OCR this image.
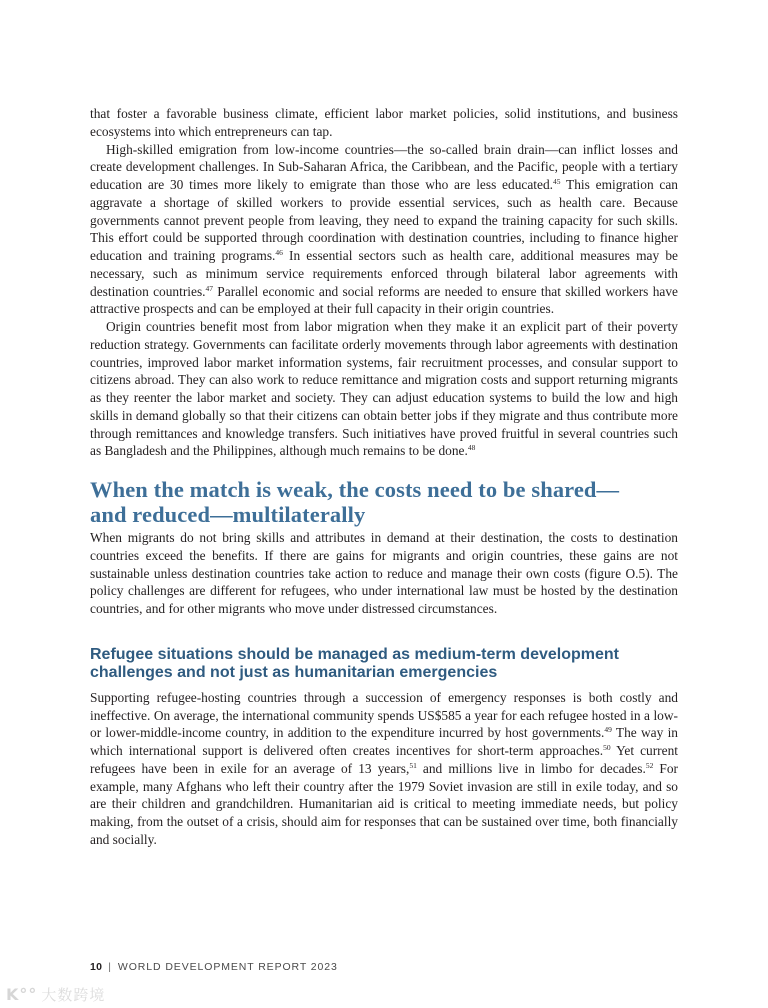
that foster a favorable business climate, efficient labor market policies, solid institutions, and business ecosystems into which entrepreneurs can tap.

High-skilled emigration from low-income countries—the so-called brain drain—can inflict losses and create development challenges. In Sub-Saharan Africa, the Caribbean, and the Pacific, people with a tertiary education are 30 times more likely to emigrate than those who are less educated.$^{45}$ This emigration can aggravate a shortage of skilled workers to provide essential services, such as health care. Because governments cannot prevent people from leaving, they need to expand the training capacity for such skills. This effort could be supported through coordination with destination countries, including to finance higher education and training programs.$^{46}$ In essential sectors such as health care, additional measures may be necessary, such as minimum service requirements enforced through bilateral labor agreements with destination countries.$^{47}$ Parallel economic and social reforms are needed to ensure that skilled workers have attractive prospects and can be employed at their full capacity in their origin countries.

Origin countries benefit most from labor migration when they make it an explicit part of their poverty reduction strategy. Governments can facilitate orderly movements through labor agreements with destination countries, improved labor market information systems, fair recruitment processes, and consular support to citizens abroad. They can also work to reduce remittance and migration costs and support returning migrants as they reenter the labor market and society. They can adjust education systems to build the low and high skills in demand globally so that their citizens can obtain better jobs if they migrate and thus contribute more through remittances and knowledge transfers. Such initiatives have proved fruitful in several countries such as Bangladesh and the Philippines, although much remains to be done.$^{48}$

When the match is weak, the costs need to be shared—
and reduced—multilaterally

When migrants do not bring skills and attributes in demand at their destination, the costs to destination countries exceed the benefits. If there are gains for migrants and origin countries, these gains are not sustainable unless destination countries take action to reduce and manage their own costs (figure O.5). The policy challenges are different for refugees, who under international law must be hosted by the destination countries, and for other migrants who move under distressed circumstances.

Refugee situations should be managed as medium-term development
challenges and not just as humanitarian emergencies

Supporting refugee-hosting countries through a succession of emergency responses is both costly and ineffective. On average, the international community spends US$585 a year for each refugee hosted in a low- or lower-middle-income country, in addition to the expenditure incurred by host governments.$^{49}$ The way in which international support is delivered often creates incentives for short-term approaches.$^{50}$ Yet current refugees have been in exile for an average of 13 years,$^{51}$ and millions live in limbo for decades.$^{52}$ For example, many Afghans who left their country after the 1979 Soviet invasion are still in exile today, and so are their children and grandchildren. Humanitarian aid is critical to meeting immediate needs, but policy making, from the outset of a crisis, should aim for responses that can be sustained over time, both financially and socially.

10 | WORLD DEVELOPMENT REPORT 2023
K°° 大数跨境
